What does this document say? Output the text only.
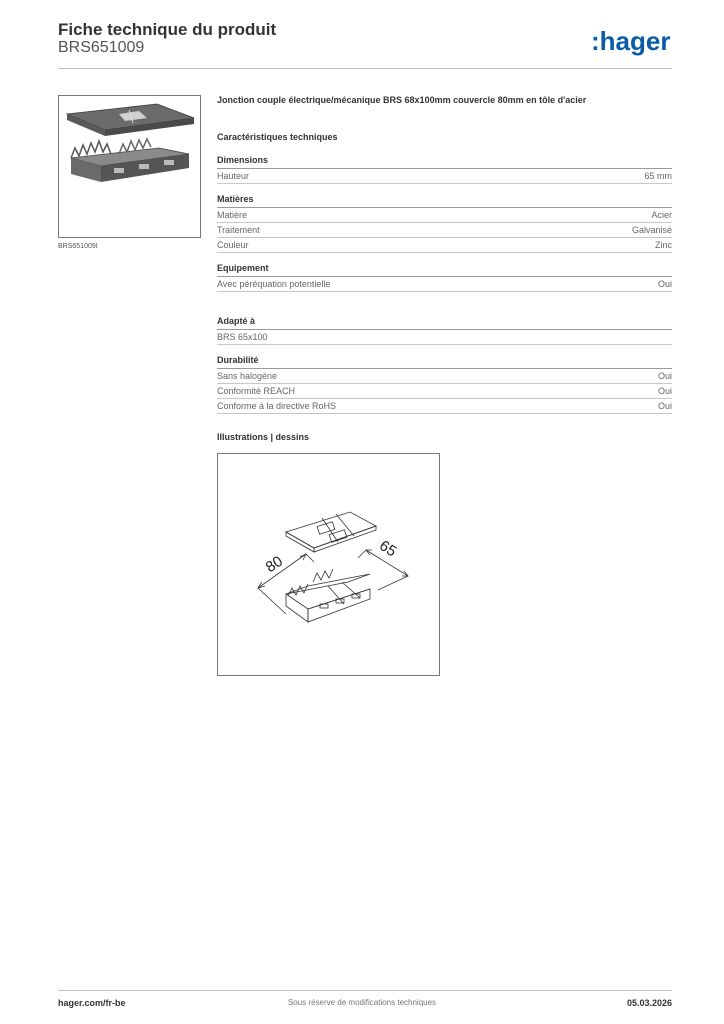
Fiche technique du produit
BRS651009	:hager
BRS651009I
Jonction couple électrique/mécanique BRS 68x100mm couvercle 80mm en tôle d'acier
Caractéristiques techniques
Dimensions
Hauteur	65 mm
Matières
Matière	Acier
Traitement	Galvanisé
Couleur	Zinc
Equipement
Avec péréquation potentielle	Oui
Adapté à
BRS 65x100
Durabilité
Sans halogène	Oui
Conformité REACH	Oui
Conforme à la directive RoHS	Oui
Illustrations | dessins
80
65
hager.com/fr-be	Sous réserve de modifications techniques	05.03.2026
